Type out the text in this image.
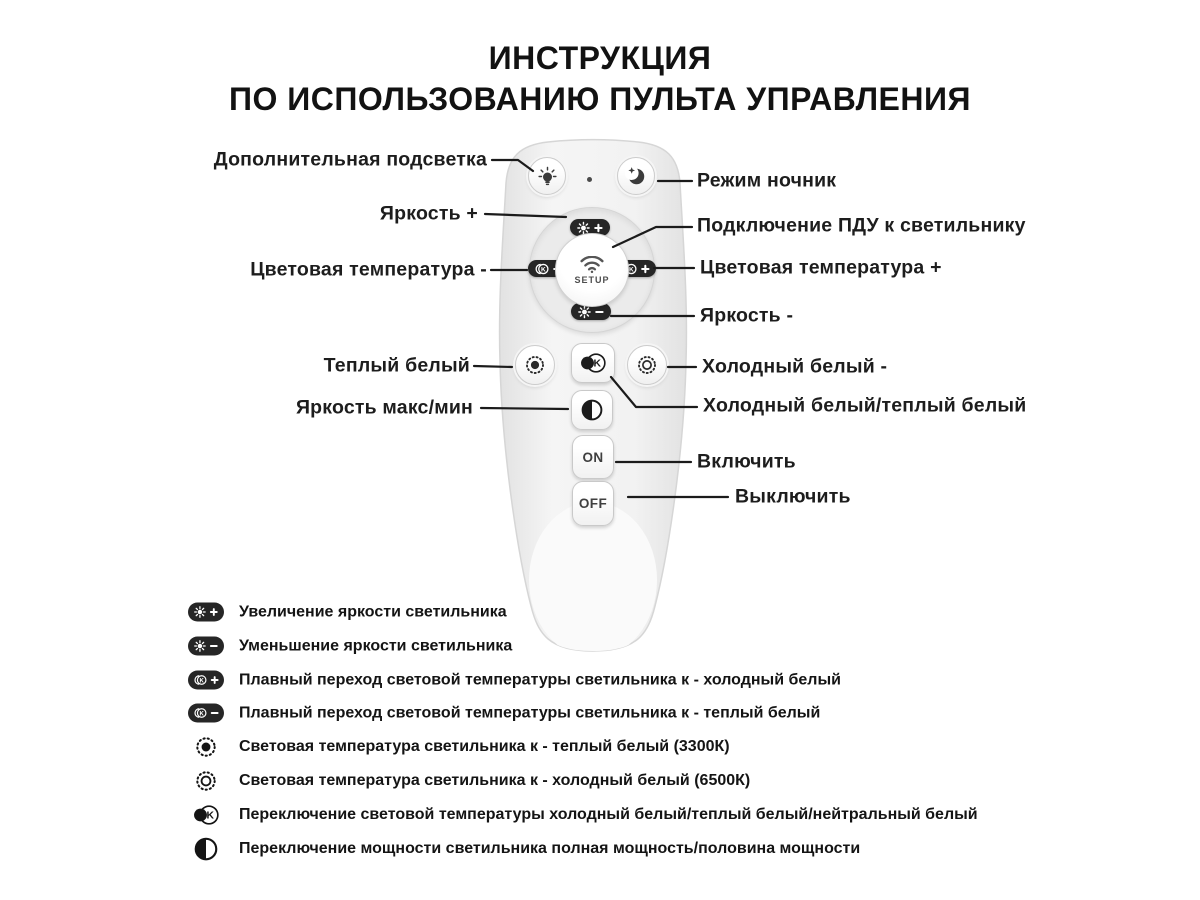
ИНСТРУКЦИЯ
ПО ИСПОЛЬЗОВАНИЮ ПУЛЬТА УПРАВЛЕНИЯ
SETUP
ON
OFF
Дополнительная подсветка
Яркость +
Цветовая температура -
Теплый белый
Яркость макс/мин
Режим ночник
Подключение ПДУ к светильнику
Цветовая температура +
Яркость -
Холодный белый -
Холодный белый/теплый белый
Включить
Выключить
Увеличение яркости светильника
Уменьшение яркости светильника
Плавный переход световой температуры светильника к - холодный белый
Плавный переход световой температуры светильника к - теплый белый
Световая температура светильника к - теплый белый (3300К)
Световая температура светильника к - холодный белый (6500К)
Переключение световой температуры холодный белый/теплый белый/нейтральный белый
Переключение мощности светильника полная мощность/половина мощности
